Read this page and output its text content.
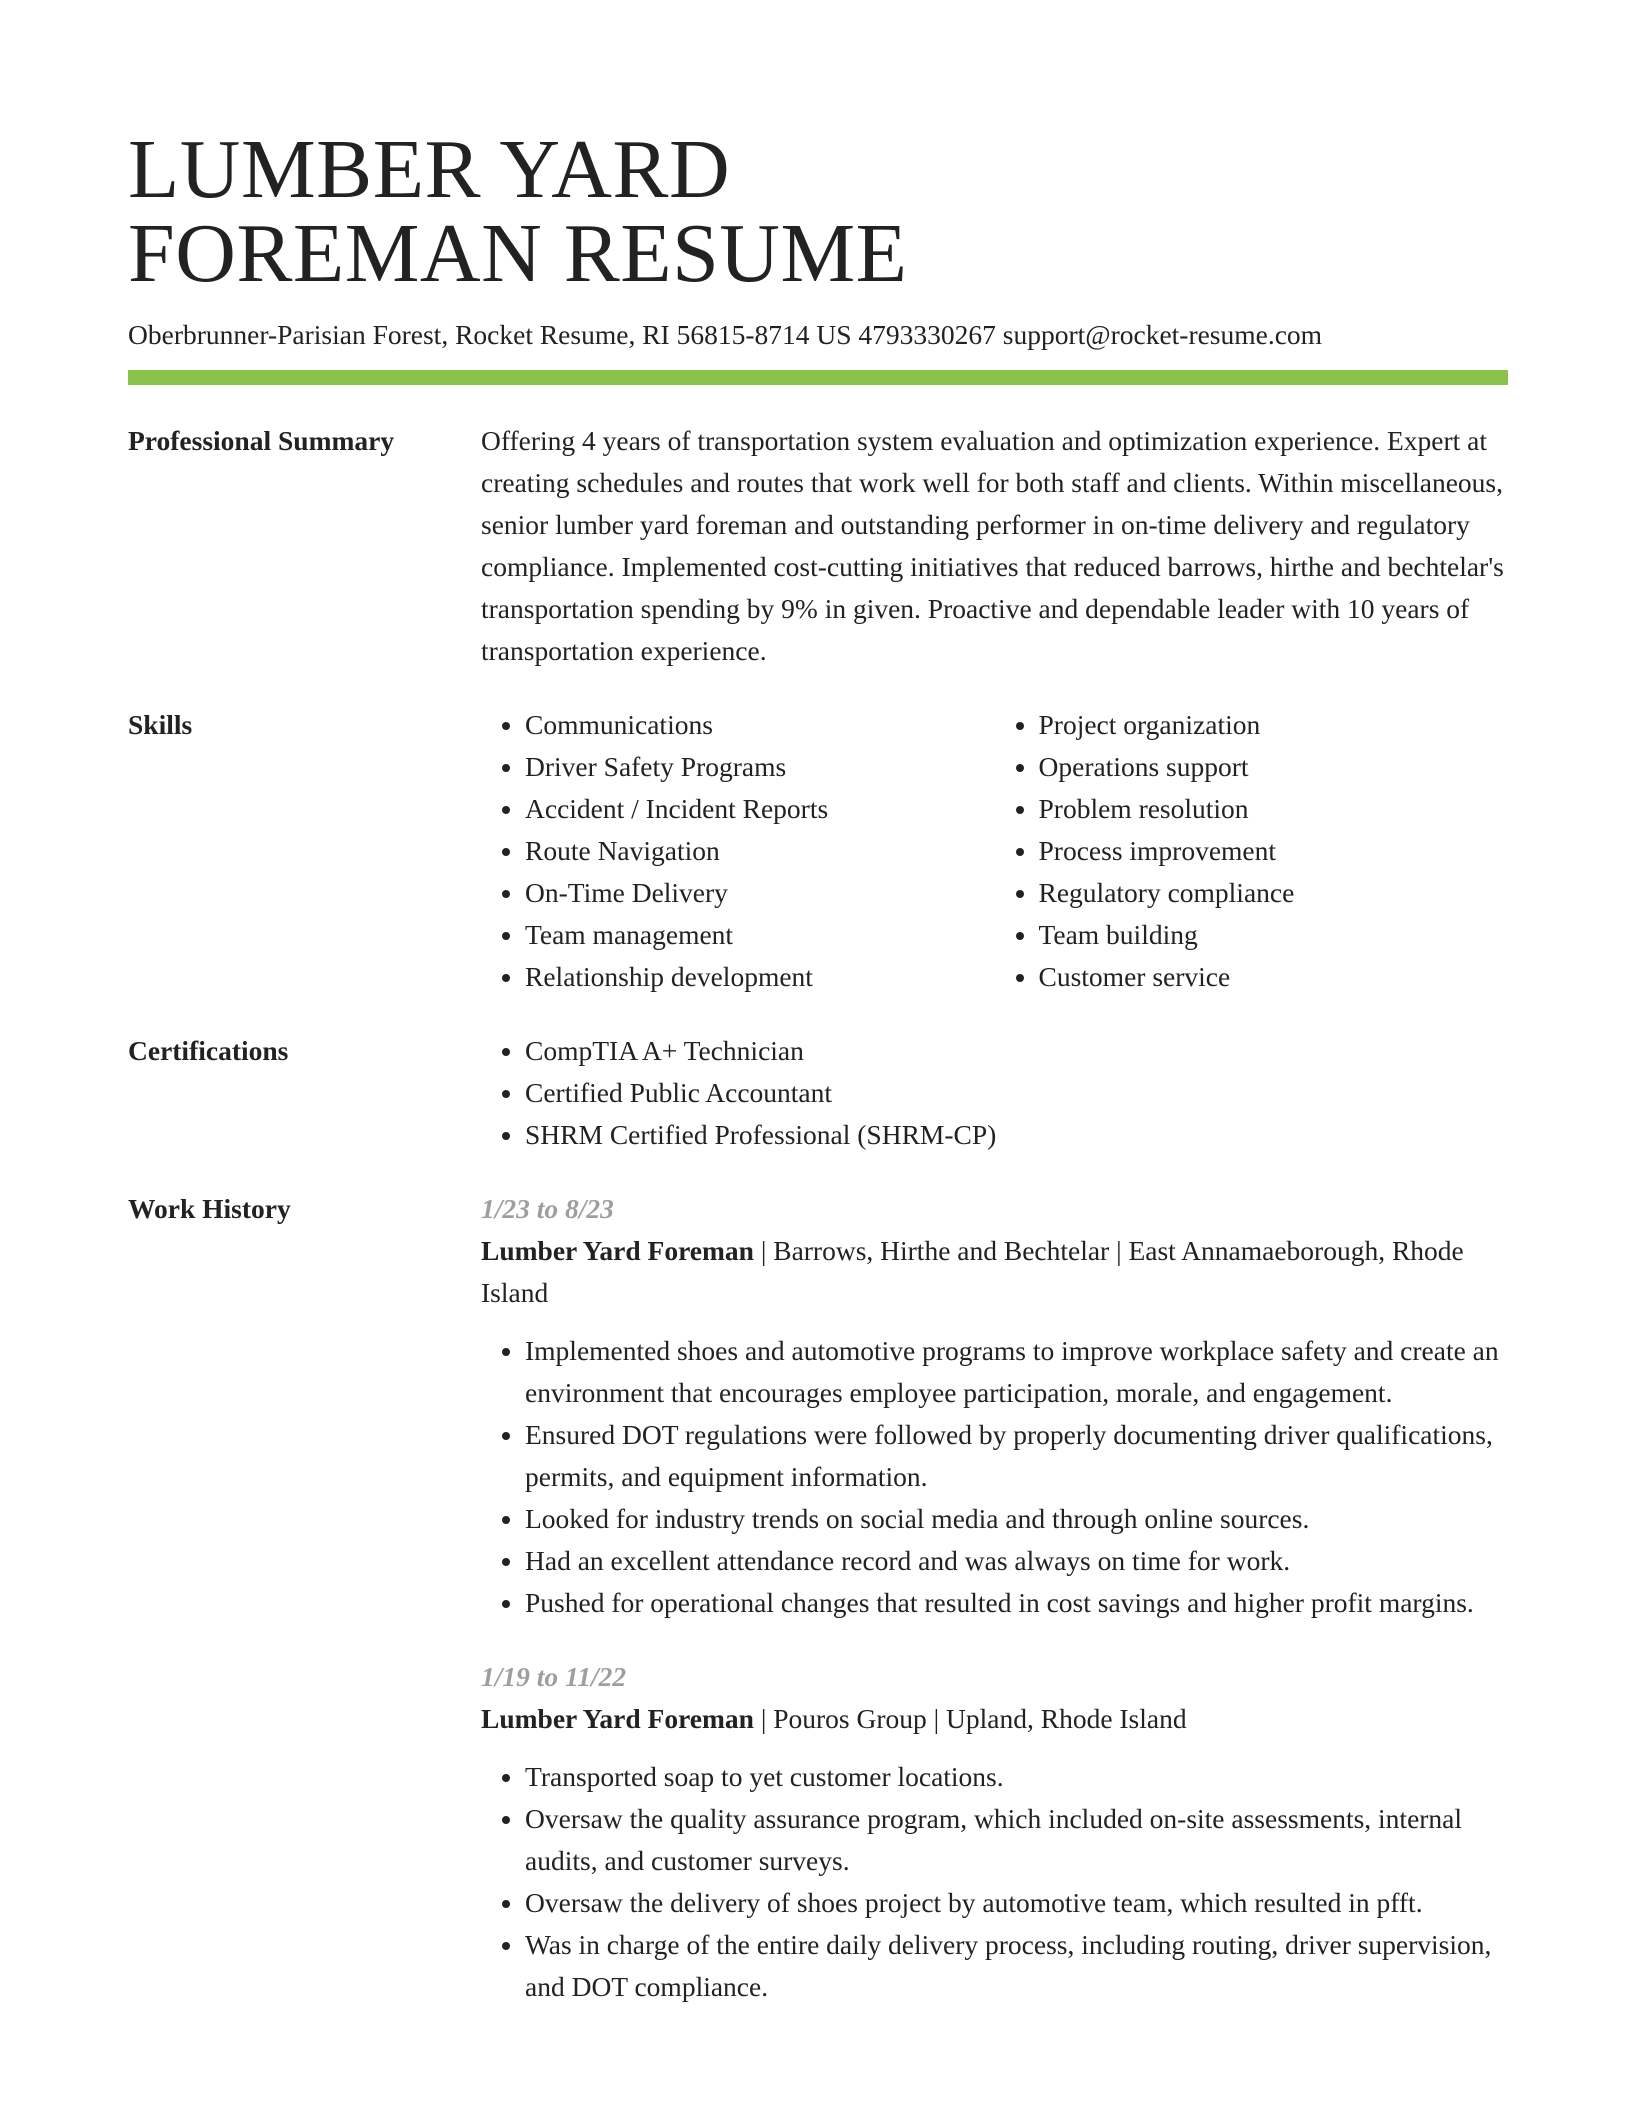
LUMBER YARD
FOREMAN RESUME
Oberbrunner-Parisian Forest, Rocket Resume, RI 56815-8714 US 4793330267 support@rocket-resume.com
Professional Summary	Offering 4 years of transportation system evaluation and optimization experience. Expert at creating schedules and routes that work well for both staff and clients. Within miscellaneous, senior lumber yard foreman and outstanding performer in on-time delivery and regulatory compliance. Implemented cost-cutting initiatives that reduced barrows, hirthe and bechtelar's transportation spending by 9% in given. Proactive and dependable leader with 10 years of transportation experience.
Skills	• Communications
• Driver Safety Programs
• Accident / Incident Reports
• Route Navigation
• On-Time Delivery
• Team management
• Relationship development
• Project organization
• Operations support
• Problem resolution
• Process improvement
• Regulatory compliance
• Team building
• Customer service
Certifications	• CompTIA A+ Technician
• Certified Public Accountant
• SHRM Certified Professional (SHRM-CP)
Work History	1/23 to 8/23
Lumber Yard Foreman | Barrows, Hirthe and Bechtelar | East Annamaeborough, Rhode Island
• Implemented shoes and automotive programs to improve workplace safety and create an environment that encourages employee participation, morale, and engagement.
• Ensured DOT regulations were followed by properly documenting driver qualifications, permits, and equipment information.
• Looked for industry trends on social media and through online sources.
• Had an excellent attendance record and was always on time for work.
• Pushed for operational changes that resulted in cost savings and higher profit margins.
1/19 to 11/22
Lumber Yard Foreman | Pouros Group | Upland, Rhode Island
• Transported soap to yet customer locations.
• Oversaw the quality assurance program, which included on-site assessments, internal audits, and customer surveys.
• Oversaw the delivery of shoes project by automotive team, which resulted in pfft.
• Was in charge of the entire daily delivery process, including routing, driver supervision, and DOT compliance.
